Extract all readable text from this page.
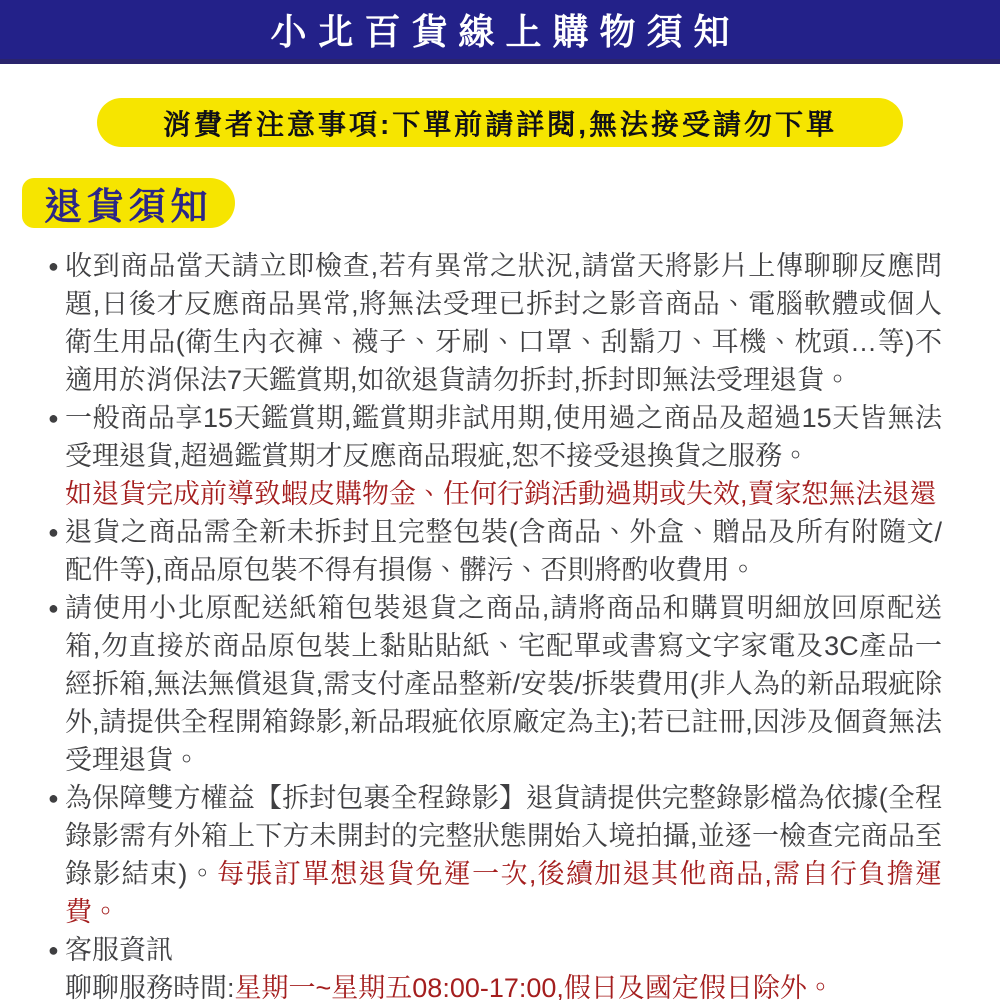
小北百貨線上購物須知
消費者注意事項:下單前請詳閱,無法接受請勿下單
退貨須知
● 收到商品當天請立即檢查,若有異常之狀況,請當天將影片上傳聊聊反應問題,日後才反應商品異常,將無法受理已拆封之影音商品、電腦軟體或個人衛生用品(衛生內衣褲、襪子、牙刷、口罩、刮鬍刀、耳機、枕頭…等)不適用於消保法7天鑑賞期,如欲退貨請勿拆封,拆封即無法受理退貨。

● 一般商品享15天鑑賞期,鑑賞期非試用期,使用過之商品及超過15天皆無法受理退貨,超過鑑賞期才反應商品瑕疵,恕不接受退換貨之服務。

如退貨完成前導致蝦皮購物金、任何行銷活動過期或失效,賣家恕無法退還

● 退貨之商品需全新未拆封且完整包裝(含商品、外盒、贈品及所有附隨文/配件等),商品原包裝不得有損傷、髒污、否則將酌收費用。

● 請使用小北原配送紙箱包裝退貨之商品,請將商品和購買明細放回原配送箱,勿直接於商品原包裝上黏貼貼紙、宅配單或書寫文字家電及3C產品一經拆箱,無法無償退貨,需支付產品整新/安裝/拆裝費用(非人為的新品瑕疵除外,請提供全程開箱錄影,新品瑕疵依原廠定為主);若已註冊,因涉及個資無法受理退貨。

● 為保障雙方權益【拆封包裹全程錄影】退貨請提供完整錄影檔為依據(全程錄影需有外箱上下方未開封的完整狀態開始入境拍攝,並逐一檢查完商品至錄影結束)。每張訂單想退貨免運一次,後續加退其他商品,需自行負擔運費。

● 客服資訊

聊聊服務時間:星期一~星期五08:00-17:00,假日及國定假日除外。
